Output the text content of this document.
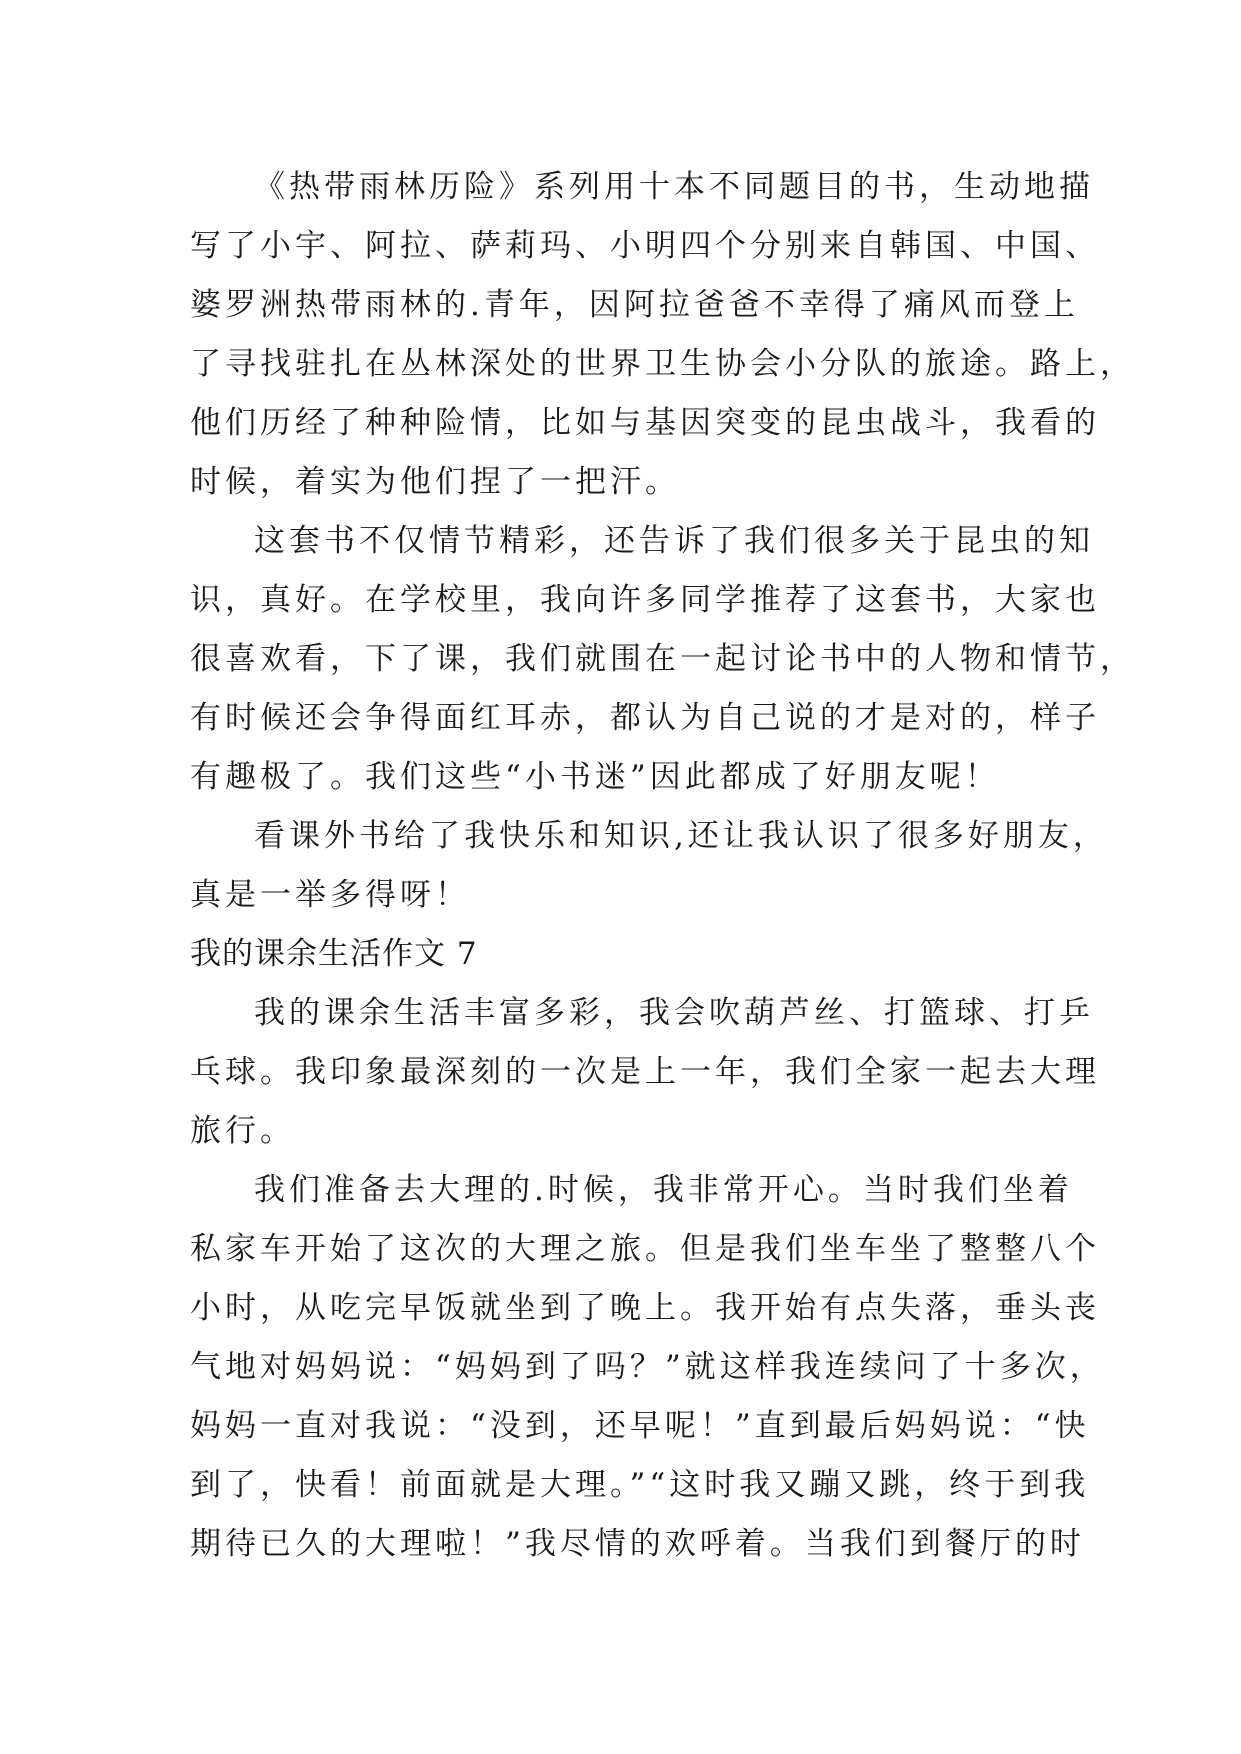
《热带雨林历险》系列用十本不同题目的书，生动地描
写了小宇、阿拉、萨莉玛、小明四个分别来自韩国、中国、
婆罗洲热带雨林的.青年，因阿拉爸爸不幸得了痛风而登上
了寻找驻扎在丛林深处的世界卫生协会小分队的旅途。路上，
他们历经了种种险情，比如与基因突变的昆虫战斗，我看的
时候，着实为他们捏了一把汗。
这套书不仅情节精彩，还告诉了我们很多关于昆虫的知
识，真好。在学校里，我向许多同学推荐了这套书，大家也
很喜欢看，下了课，我们就围在一起讨论书中的人物和情节，
有时候还会争得面红耳赤，都认为自己说的才是对的，样子
有趣极了。我们这些“小书迷”因此都成了好朋友呢！
看课外书给了我快乐和知识,还让我认识了很多好朋友，
真是一举多得呀！
我的课余生活作文 7
我的课余生活丰富多彩，我会吹葫芦丝、打篮球、打乒
乓球。我印象最深刻的一次是上一年，我们全家一起去大理
旅行。
我们准备去大理的.时候，我非常开心。当时我们坐着
私家车开始了这次的大理之旅。但是我们坐车坐了整整八个
小时，从吃完早饭就坐到了晚上。我开始有点失落，垂头丧
气地对妈妈说：“妈妈到了吗？”就这样我连续问了十多次，
妈妈一直对我说：“没到，还早呢！”直到最后妈妈说：“快
到了，快看！前面就是大理。”“这时我又蹦又跳，终于到我
期待已久的大理啦！”我尽情的欢呼着。当我们到餐厅的时
